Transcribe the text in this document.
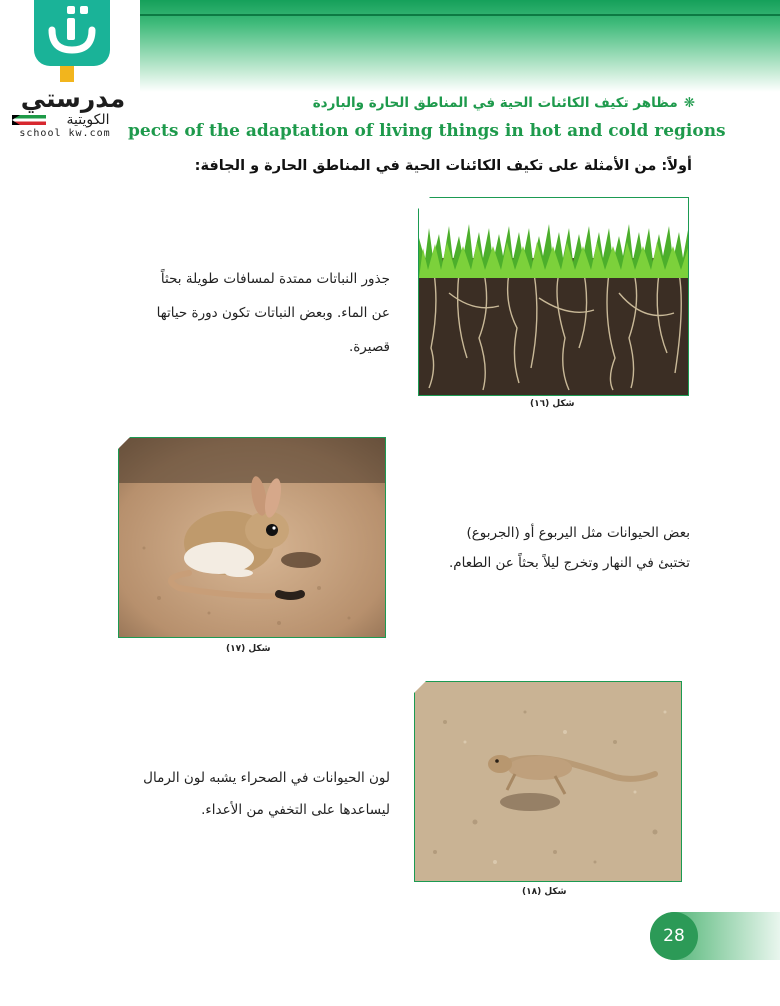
مدرستي
الكويتية
school kw.com
❋مظاهر تكيف الكائنات الحية في المناطق الحارة والباردة
pects of the adaptation of living things in hot and cold regions
أولاً: من الأمثلة على تكيف الكائنات الحية في المناطق الحارة و الجافة:
جذور النباتات ممتدة لمسافات طويلة بحثاً
عن الماء. وبعض النباتات تكون دورة حياتها
قصيرة.
شكل (١٦)
شكل (١٧)
بعض الحيوانات مثل اليربوع أو (الجربوع)
تختبئ في النهار وتخرج ليلاً بحثاً عن الطعام.
لون الحيوانات في الصحراء يشبه لون الرمال
ليساعدها على التخفي من الأعداء.
شكل (١٨)
28
